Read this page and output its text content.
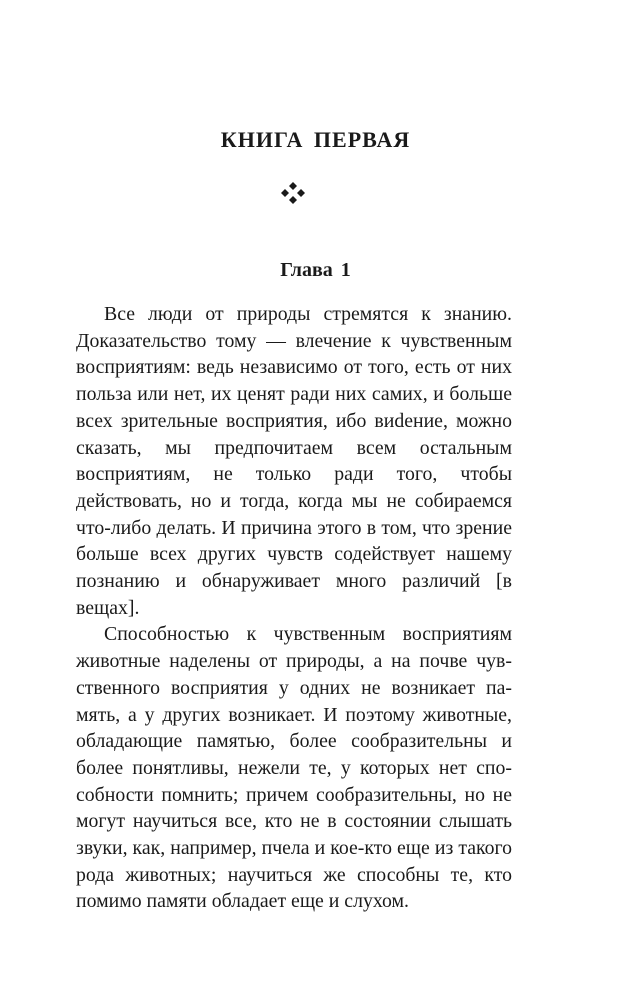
КНИГА ПЕРВАЯ
Глава 1

Все люди от природы стремятся к знанию. Доказательство тому — влечение к чувственным восприятиям: ведь независимо от того, есть от них польза или нет, их ценят ради них самих, и больше всех зрительные восприятия, ибо виdение, можно сказать, мы предпочитаем всем остальным восприятиям, не только ради того, чтобы действовать, но и тогда, когда мы не собираемся что-либо делать. И причина этого в том, что зрение больше всех других чувств содействует нашему познанию и обнаруживает много различий [в вещах].

Способностью к чувственным восприятиям животные наделены от природы, а на почве чувственного восприятия у одних не возникает память, а у других возникает. И поэтому животные, обладающие памятью, более сообразительны и более понятливы, нежели те, у которых нет способности помнить; причем сообразительны, но не могут научиться все, кто не в состоянии слышать звуки, как, например, пчела и кое-кто еще из такого рода животных; научиться же способны те, кто помимо памяти обладает еще и слухом.
